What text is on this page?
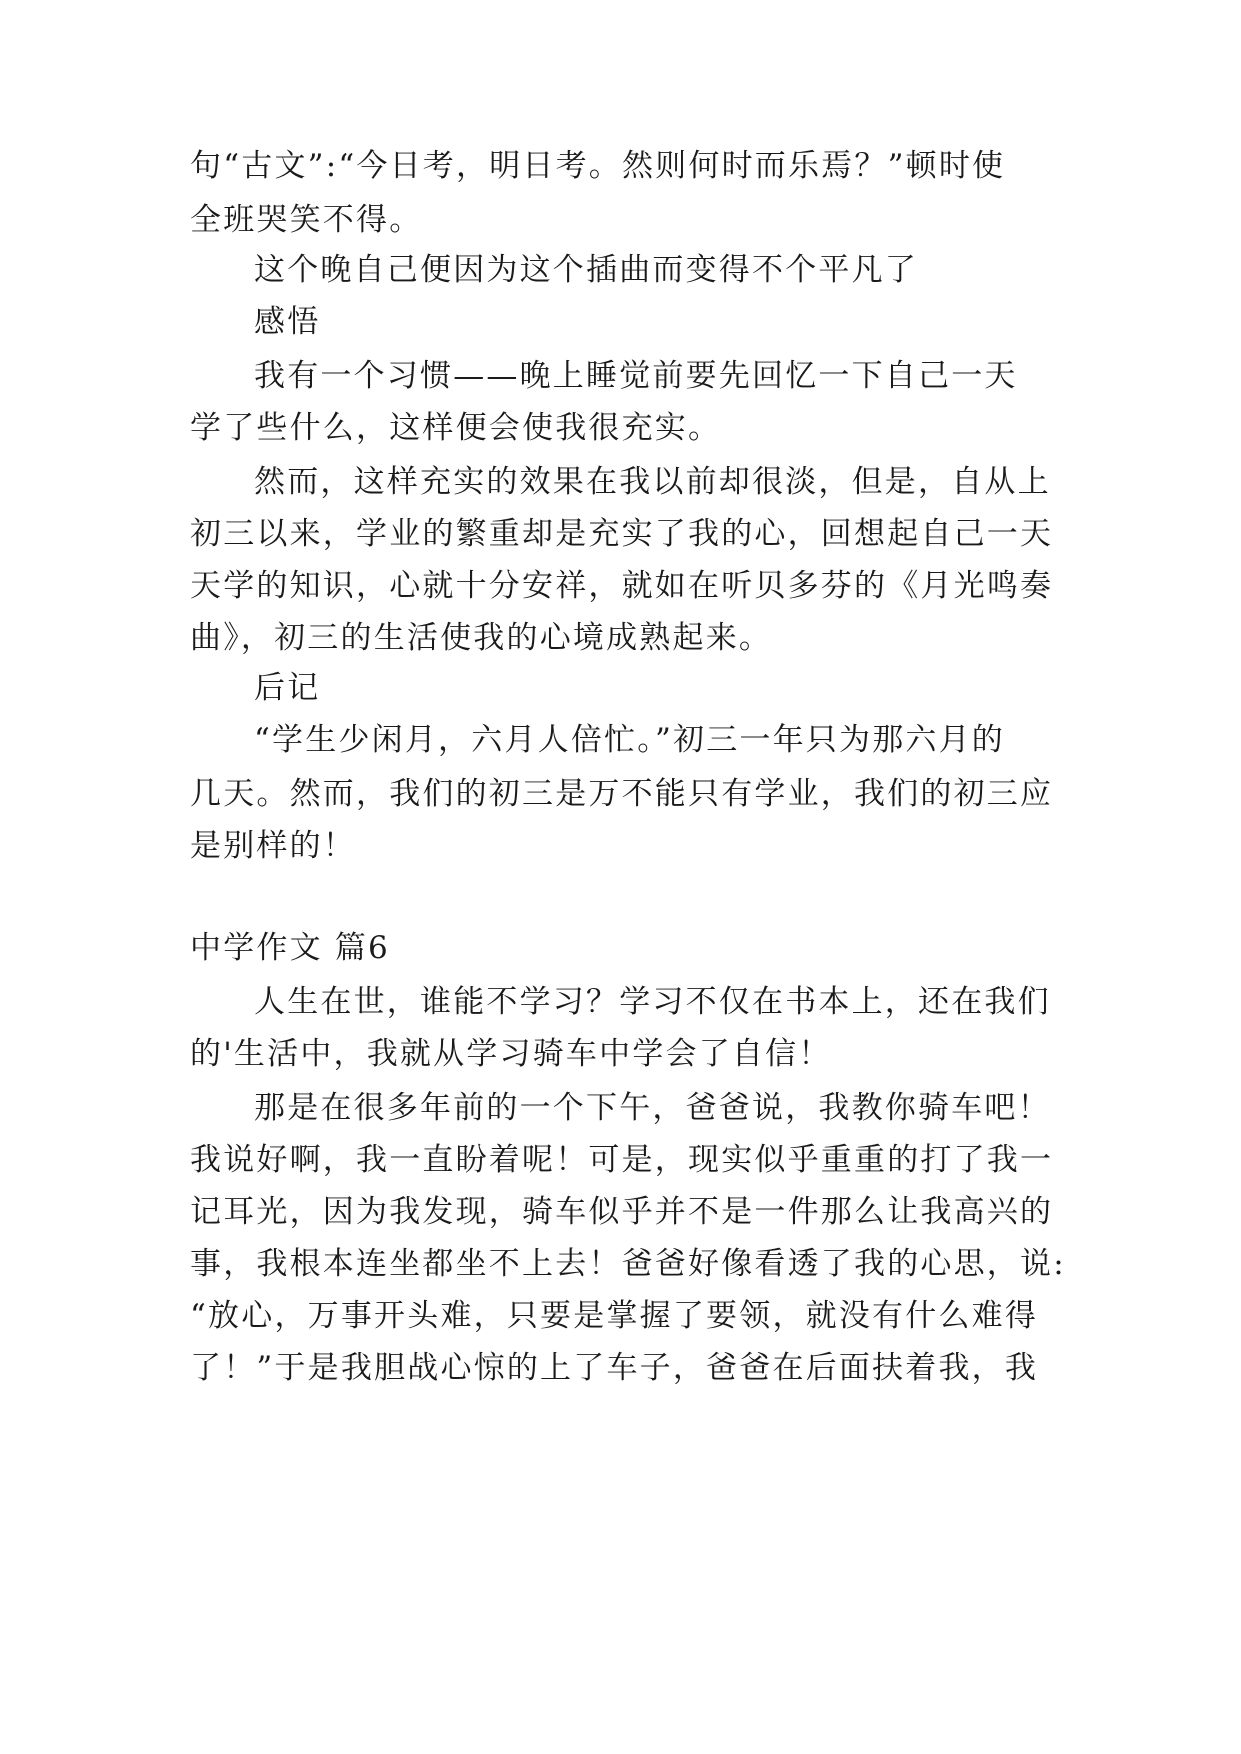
句“古文”:“今日考，明日考。然则何时而乐焉？”顿时使
全班哭笑不得。
这个晚自己便因为这个插曲而变得不个平凡了
感悟
我有一个习惯——晚上睡觉前要先回忆一下自己一天
学了些什么，这样便会使我很充实。
然而，这样充实的效果在我以前却很淡，但是，自从上
初三以来，学业的繁重却是充实了我的心，回想起自己一天
天学的知识，心就十分安祥，就如在听贝多芬的《月光鸣奏
曲》，初三的生活使我的心境成熟起来。
后记
“学生少闲月，六月人倍忙。”初三一年只为那六月的
几天。然而，我们的初三是万不能只有学业，我们的初三应
是别样的！
中学作文 篇6
人生在世，谁能不学习？学习不仅在书本上，还在我们
的'生活中，我就从学习骑车中学会了自信！
那是在很多年前的一个下午，爸爸说，我教你骑车吧！
我说好啊，我一直盼着呢！可是，现实似乎重重的打了我一
记耳光，因为我发现，骑车似乎并不是一件那么让我高兴的
事，我根本连坐都坐不上去！爸爸好像看透了我的心思，说:
“放心，万事开头难，只要是掌握了要领，就没有什么难得
了！”于是我胆战心惊的上了车子，爸爸在后面扶着我，我
